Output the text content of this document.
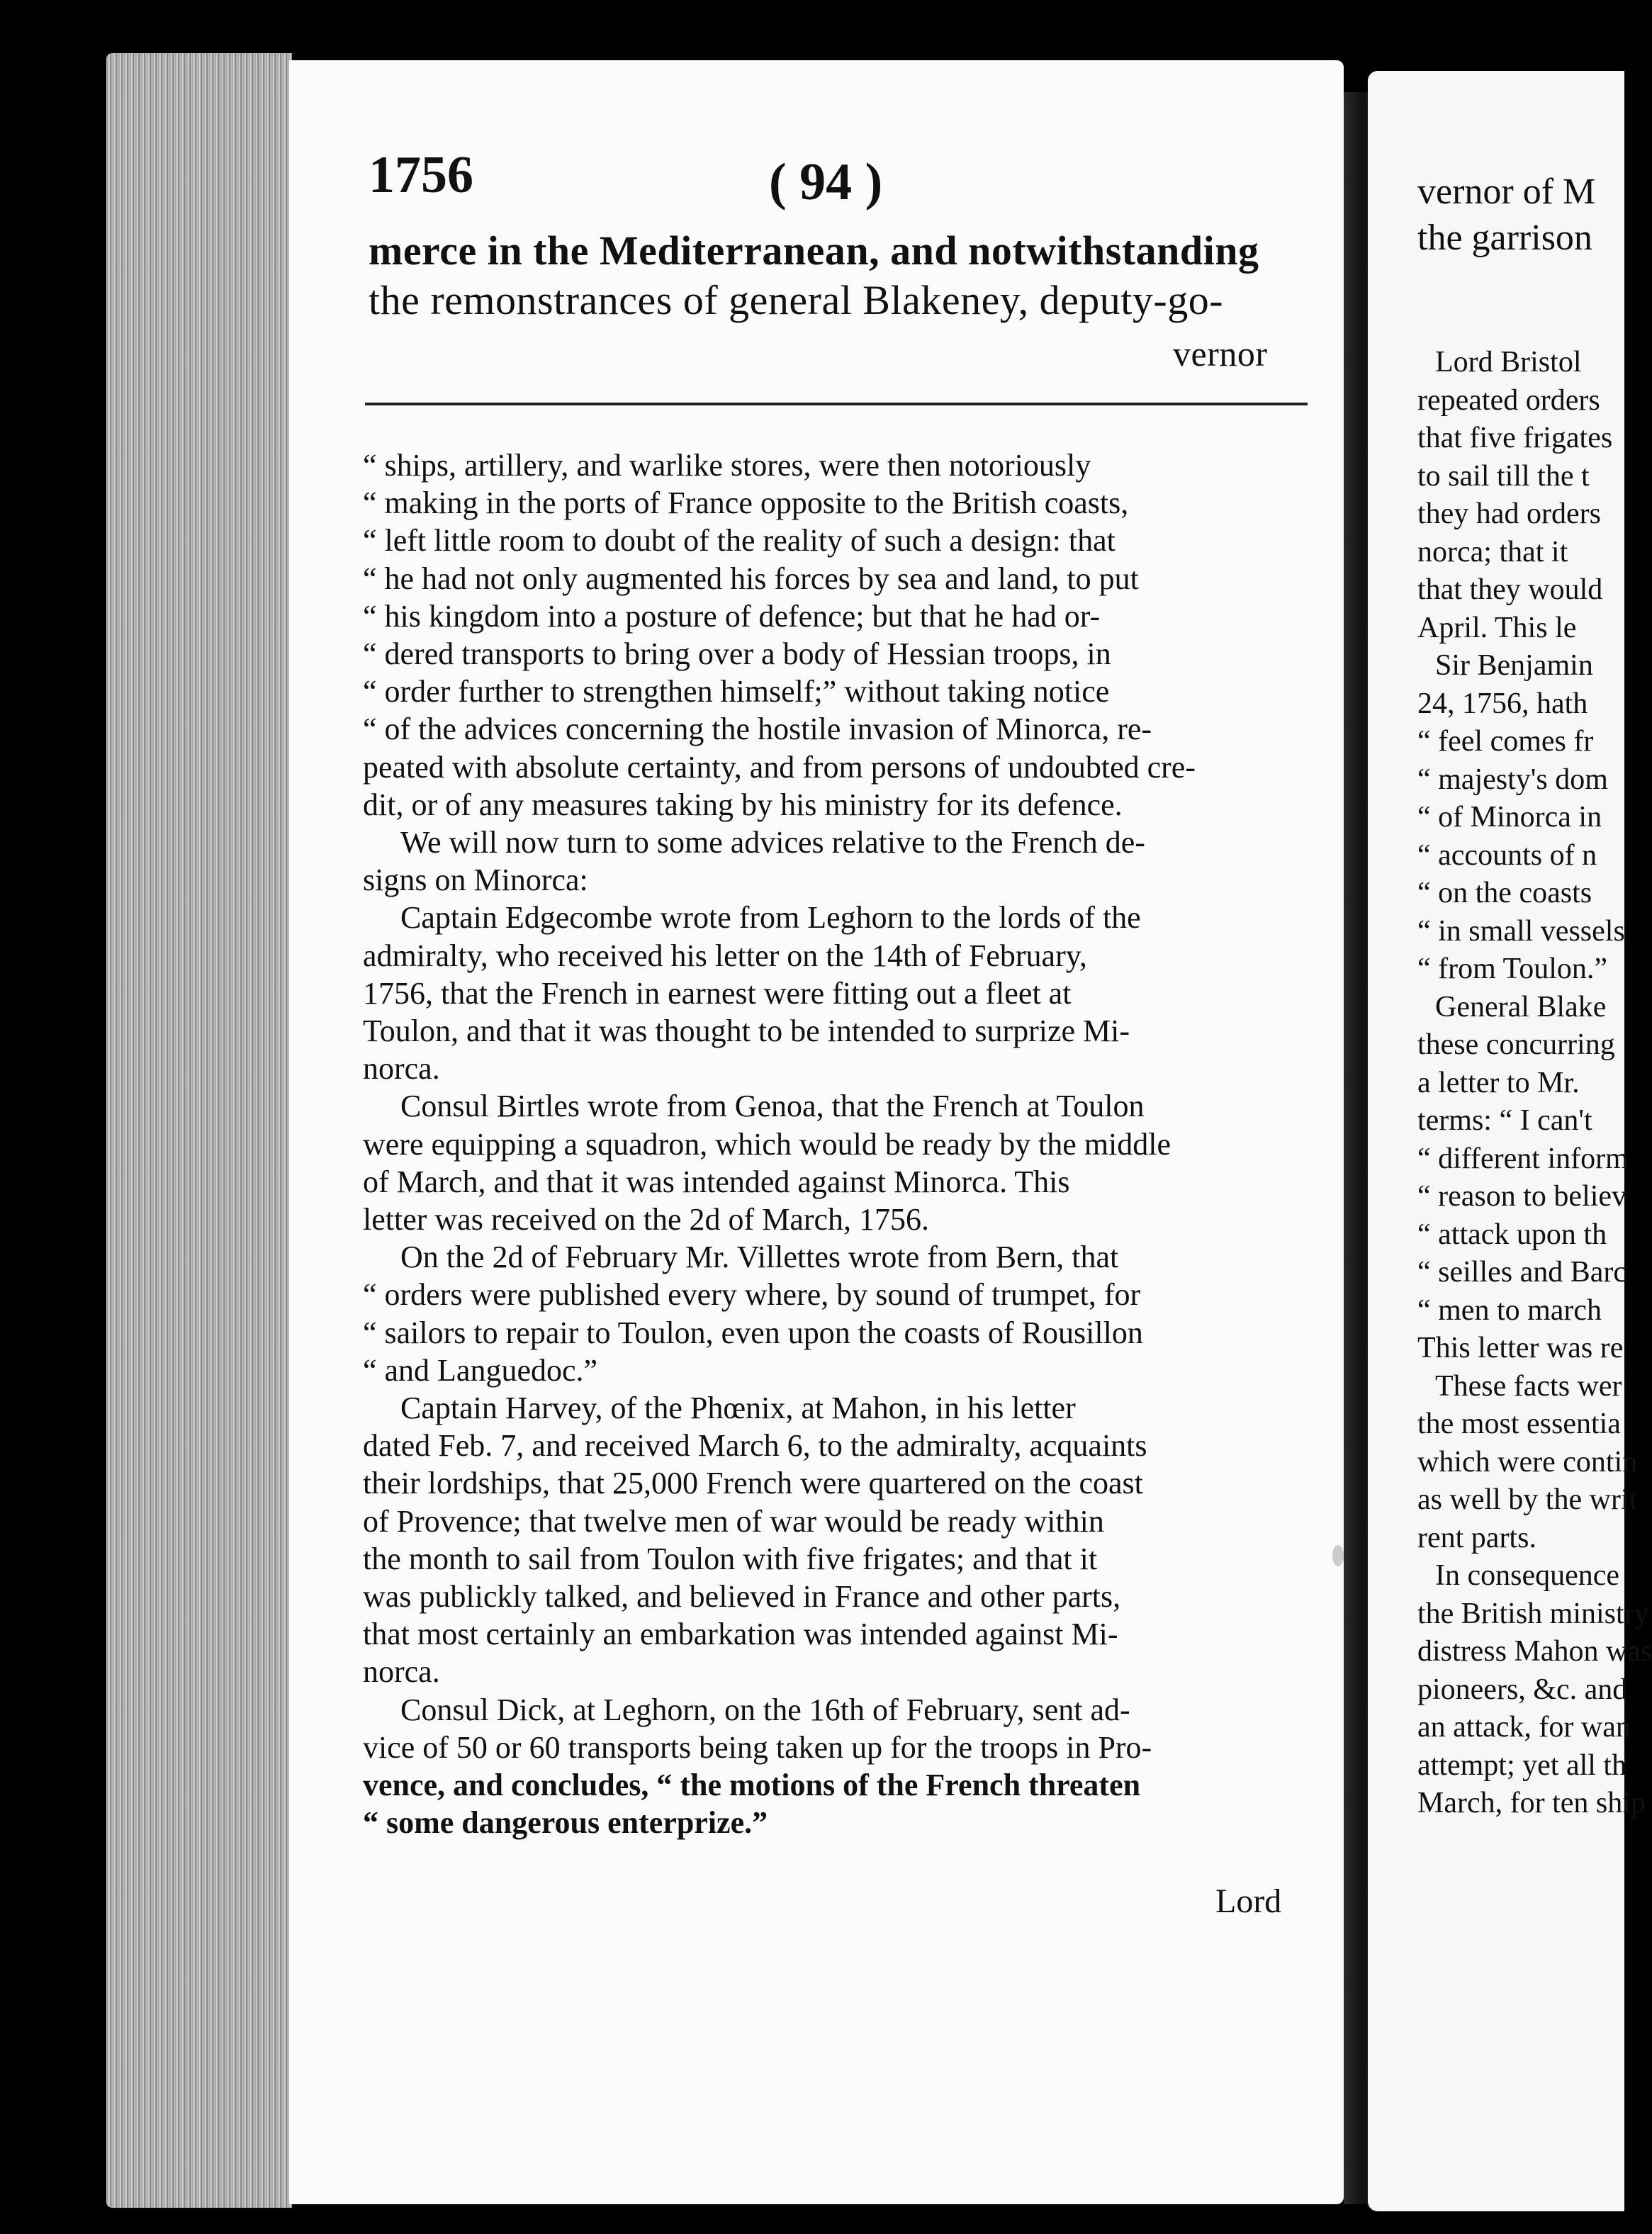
1756	( 94 )
merce in the Mediterranean, and notwithstanding
the remonstrances of general Blakeney, deputy-go-
vernor
“ ships, artillery, and warlike stores, were then notoriously
“ making in the ports of France opposite to the British coasts,
“ left little room to doubt of the reality of such a design: that
“ he had not only augmented his forces by sea and land, to put
“ his kingdom into a posture of defence; but that he had or-
“ dered transports to bring over a body of Hessian troops, in
“ order further to strengthen himself;” without taking notice
“ of the advices concerning the hostile invasion of Minorca, re-
peated with absolute certainty, and from persons of undoubted cre-
dit, or of any measures taking by his ministry for its defence.
We will now turn to some advices relative to the French de-
signs on Minorca:
Captain Edgecombe wrote from Leghorn to the lords of the
admiralty, who received his letter on the 14th of February,
1756, that the French in earnest were fitting out a fleet at
Toulon, and that it was thought to be intended to surprize Mi-
norca.
Consul Birtles wrote from Genoa, that the French at Toulon
were equipping a squadron, which would be ready by the middle
of March, and that it was intended against Minorca. This
letter was received on the 2d of March, 1756.
On the 2d of February Mr. Villettes wrote from Bern, that
“ orders were published every where, by sound of trumpet, for
“ sailors to repair to Toulon, even upon the coasts of Rousillon
“ and Languedoc.”
Captain Harvey, of the Phœnix, at Mahon, in his letter
dated Feb. 7, and received March 6, to the admiralty, acquaints
their lordships, that 25,000 French were quartered on the coast
of Provence; that twelve men of war would be ready within
the month to sail from Toulon with five frigates; and that it
was publickly talked, and believed in France and other parts,
that most certainly an embarkation was intended against Mi-
norca.
Consul Dick, at Leghorn, on the 16th of February, sent ad-
vice of 50 or 60 transports being taken up for the troops in Pro-
vence, and concludes, “ the motions of the French threaten
“ some dangerous enterprize.”
Lord
vernor of M
the garrison
Lord Bristol
repeated orders
that five frigates
to sail till the t
they had orders
norca; that it
that they would
April. This le
Sir Benjamin
24, 1756, hath
“ feel comes fr
“ majesty's dom
“ of Minorca in
“ accounts of n
“ on the coasts
“ in small vessels
“ from Toulon.”
General Blake
these concurring
a letter to Mr.
terms: “ I can't
“ different inform
“ reason to believ
“ attack upon th
“ seilles and Barc
“ men to march
This letter was re
These facts wer
the most essentia
which were contin
as well by the writ
rent parts.
In consequence
the British ministry
distress Mahon was
pioneers, &c. and
an attack, for wan
attempt; yet all th
March, for ten ship
